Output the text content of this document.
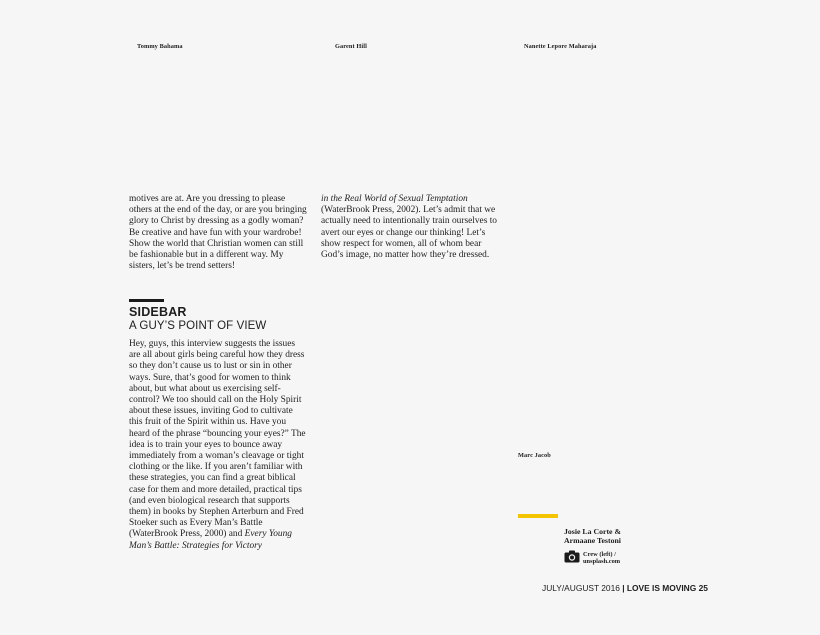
Tommy Bahama	Garent Hill	Nanette Lepore Maharaja
Marc Jacob

motives are at. Are you dressing to please others at the end of the day, or are you bringing glory to Christ by dressing as a godly woman? Be creative and have fun with your wardrobe! Show the world that Christian women can still be fashionable but in a different way. My sisters, let’s be trend setters!

SIDEBAR
A GUY’S POINT OF VIEW
Hey, guys, this interview suggests the issues are all about girls being careful how they dress so they don’t cause us to lust or sin in other ways. Sure, that’s good for women to think about, but what about us exercising self-control? We too should call on the Holy Spirit about these issues, inviting God to cultivate this fruit of the Spirit within us. Have you heard of the phrase “bouncing your eyes?” The idea is to train your eyes to bounce away immediately from a woman’s cleavage or tight clothing or the like. If you aren’t familiar with these strategies, you can find a great biblical case for them and more detailed, practical tips (and even biological research that supports them) in books by Stephen Arterburn and Fred Stoeker such as Every Man’s Battle (WaterBrook Press, 2000) and Every Young Man’s Battle: Strategies for Victory
in the Real World of Sexual Temptation (WaterBrook Press, 2002). Let’s admit that we actually need to intentionally train ourselves to avert our eyes or change our thinking! Let’s show respect for women, all of whom bear God’s image, no matter how they’re dressed.
Josie La Corte & Armaane Testoni
Crew (left) / unsplash.com
JULY/AUGUST 2016 | LOVE IS MOVING 25
